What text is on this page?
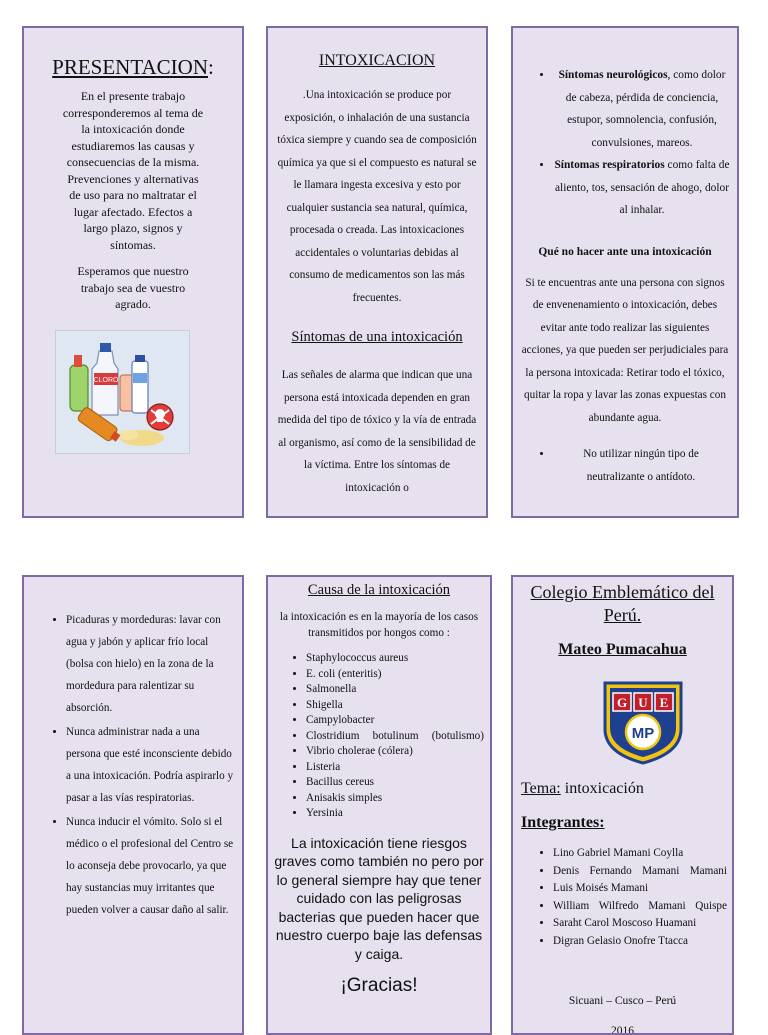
PRESENTACION:
En el presente trabajo corresponderemos al tema de la intoxicación donde estudiaremos las causas y consecuencias de la misma. Prevenciones y alternativas de uso para no maltratar el lugar afectado. Efectos a largo plazo, signos y síntomas.
Esperamos que nuestro trabajo sea de vuestro agrado.
CLORO
INTOXICACION
.Una intoxicación se produce por exposición, o inhalación de una sustancia tóxica siempre y cuando sea de composición química ya que si el compuesto es natural se le llamara ingesta excesiva y esto por cualquier sustancia sea natural, química, procesada o creada. Las intoxicaciones accidentales o voluntarias debidas al consumo de medicamentos son las más frecuentes.
Síntomas de una intoxicación
Las señales de alarma que indican que una persona está intoxicada dependen en gran medida del tipo de tóxico y la vía de entrada al organismo, así como de la sensibilidad de la víctima. Entre los síntomas de intoxicación o
• Síntomas neurológicos, como dolor de cabeza, pérdida de conciencia, estupor, somnolencia, confusión, convulsiones, mareos.
• Síntomas respiratorios como falta de aliento, tos, sensación de ahogo, dolor al inhalar.
Qué no hacer ante una intoxicación
Si te encuentras ante una persona con signos de envenenamiento o intoxicación, debes evitar ante todo realizar las siguientes acciones, ya que pueden ser perjudiciales para la persona intoxicada: Retirar todo el tóxico, quitar la ropa y lavar las zonas expuestas con abundante agua.
• No utilizar ningún tipo de neutralizante o antídoto.
• Picaduras y mordeduras: lavar con agua y jabón y aplicar frío local (bolsa con hielo) en la zona de la mordedura para ralentizar su absorción.
• Nunca administrar nada a una persona que esté inconsciente debido a una intoxicación. Podría aspirarlo y pasar a las vías respiratorias.
• Nunca inducir el vómito. Solo si el médico o el profesional del Centro se lo aconseja debe provocarlo, ya que hay sustancias muy irritantes que pueden volver a causar daño al salir.
Causa de la intoxicación
la intoxicación es en la mayoría de los casos transmitidos por hongos como :
• Staphylococcus aureus
• E. coli (enteritis)
• Salmonella
• Shigella
• Campylobacter
• Clostridium botulinum (botulismo)
• Vibrio cholerae (cólera)
• Listeria
• Bacillus cereus
• Anisakis simples
• Yersinia
La intoxicación tiene riesgos graves como también no pero por lo general siempre hay que tener cuidado con las peligrosas bacterias que pueden hacer que nuestro cuerpo baje las defensas y caiga.
¡Gracias!
Colegio Emblemático del Perú.
Mateo Pumacahua
G U E
MP
Tema: intoxicación
Integrantes:
• Lino Gabriel Mamani Coylla
• Denis Fernando Mamani Mamani
• Luis Moisés Mamani
• William Wilfredo Mamani Quispe
• Saraht Carol Moscoso Huamani
• Digran Gelasio Onofre Ttacca
Sicuani – Cusco – Perú
2016
